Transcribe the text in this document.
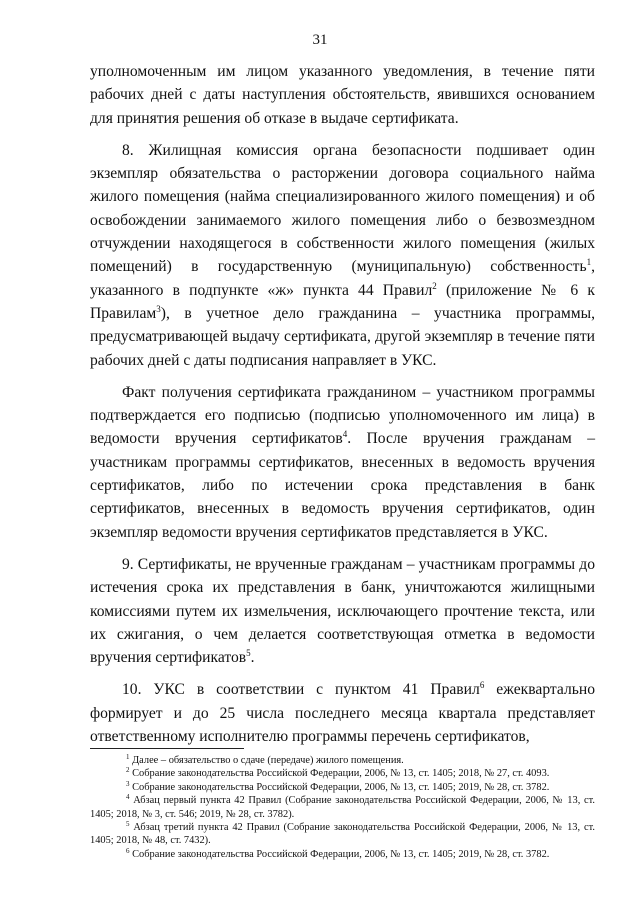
31

уполномоченным им лицом указанного уведомления, в течение пяти рабочих дней с даты наступления обстоятельств, явившихся основанием для принятия решения об отказе в выдаче сертификата.

8. Жилищная комиссия органа безопасности подшивает один экземпляр обязательства о расторжении договора социального найма жилого помещения (найма специализированного жилого помещения) и об освобождении занимаемого жилого помещения либо о безвозмездном отчуждении находящегося в собственности жилого помещения (жилых помещений) в государственную (муниципальную) собственность$^1$, указанного в подпункте «ж» пункта 44 Правил$^2$ (приложение № 6 к Правилам$^3$), в учетное дело гражданина – участника программы, предусматривающей выдачу сертификата, другой экземпляр в течение пяти рабочих дней с даты подписания направляет в УКС.

Факт получения сертификата гражданином – участником программы подтверждается его подписью (подписью уполномоченного им лица) в ведомости вручения сертификатов$^4$. После вручения гражданам – участникам программы сертификатов, внесенных в ведомость вручения сертификатов, либо по истечении срока представления в банк сертификатов, внесенных в ведомость вручения сертификатов, один экземпляр ведомости вручения сертификатов представляется в УКС.

9. Сертификаты, не врученные гражданам – участникам программы до истечения срока их представления в банк, уничтожаются жилищными комиссиями путем их измельчения, исключающего прочтение текста, или их сжигания, о чем делается соответствующая отметка в ведомости вручения сертификатов$^5$.

10. УКС в соответствии с пунктом 41 Правил$^6$ ежеквартально формирует и до 25 числа последнего месяца квартала представляет ответственному исполнителю программы перечень сертификатов,

$^1$ Далее – обязательство о сдаче (передаче) жилого помещения.

$^2$ Собрание законодательства Российской Федерации, 2006, № 13, ст. 1405; 2018, № 27, ст. 4093.

$^3$ Собрание законодательства Российской Федерации, 2006, № 13, ст. 1405; 2019, № 28, ст. 3782.

$^4$ Абзац первый пункта 42 Правил (Собрание законодательства Российской Федерации, 2006, № 13, ст. 1405; 2018, № 3, ст. 546; 2019, № 28, ст. 3782).

$^5$ Абзац третий пункта 42 Правил (Собрание законодательства Российской Федерации, 2006, № 13, ст. 1405; 2018, № 48, ст. 7432).

$^6$ Собрание законодательства Российской Федерации, 2006, № 13, ст. 1405; 2019, № 28, ст. 3782.
